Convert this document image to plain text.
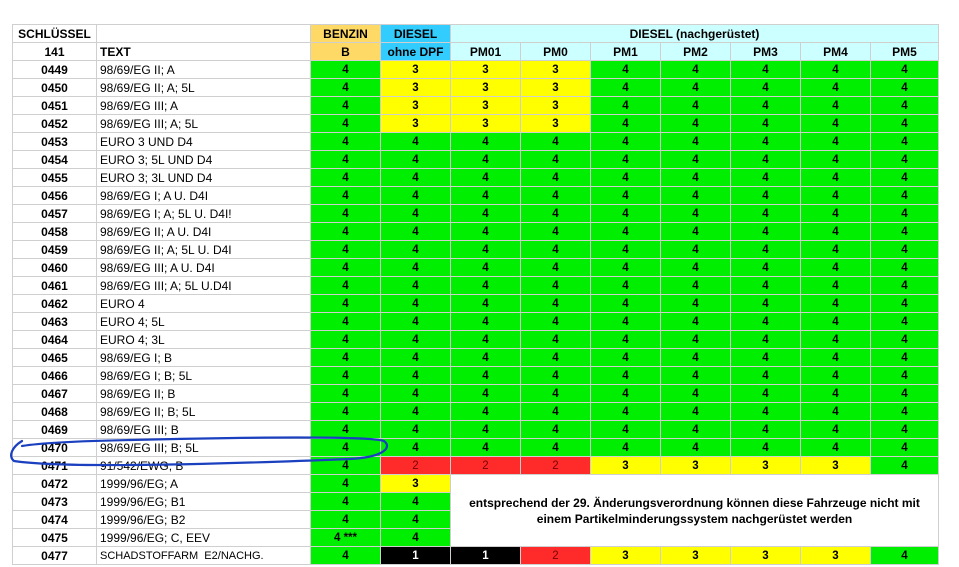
SCHLÜSSEL		BENZIN	DIESEL	DIESEL (nachgerüstet)						
141	TEXT	B	ohne DPF	PM01	PM0	PM1	PM2	PM3	PM4	PM5
0449	98/69/EG II; A	4	3	3	3	4	4	4	4	4
0450	98/69/EG II; A; 5L	4	3	3	3	4	4	4	4	4
0451	98/69/EG III; A	4	3	3	3	4	4	4	4	4
0452	98/69/EG III; A; 5L	4	3	3	3	4	4	4	4	4
0453	EURO 3 UND D4	4	4	4	4	4	4	4	4	4
0454	EURO 3; 5L UND D4	4	4	4	4	4	4	4	4	4
0455	EURO 3; 3L UND D4	4	4	4	4	4	4	4	4	4
0456	98/69/EG I; A U. D4I	4	4	4	4	4	4	4	4	4
0457	98/69/EG I; A; 5L U. D4I!	4	4	4	4	4	4	4	4	4
0458	98/69/EG II; A U. D4I	4	4	4	4	4	4	4	4	4
0459	98/69/EG II; A; 5L U. D4I	4	4	4	4	4	4	4	4	4
0460	98/69/EG III; A U. D4I	4	4	4	4	4	4	4	4	4
0461	98/69/EG III; A; 5L U.D4I	4	4	4	4	4	4	4	4	4
0462	EURO 4	4	4	4	4	4	4	4	4	4
0463	EURO 4; 5L	4	4	4	4	4	4	4	4	4
0464	EURO 4; 3L	4	4	4	4	4	4	4	4	4
0465	98/69/EG I; B	4	4	4	4	4	4	4	4	4
0466	98/69/EG I; B; 5L	4	4	4	4	4	4	4	4	4
0467	98/69/EG II; B	4	4	4	4	4	4	4	4	4
0468	98/69/EG II; B; 5L	4	4	4	4	4	4	4	4	4
0469	98/69/EG III; B	4	4	4	4	4	4	4	4	4
0470	98/69/EG III; B; 5L	4	4	4	4	4	4	4	4	4
0471	91/542/EWG; B	4	2	2	2	3	3	3	3	4
0472	1999/96/EG; A	4	3	entsprechend der 29. Änderungsverordnung können diese Fahrzeuge nicht mit einem Partikelminderungssystem nachgerüstet werden						
0473	1999/96/EG; B1	4	4							
0474	1999/96/EG; B2	4	4							
0475	1999/96/EG; C, EEV	4 ***	4							
0477	SCHADSTOFFARM  E2/NACHG.	4	1	1	2	3	3	3	3	4
